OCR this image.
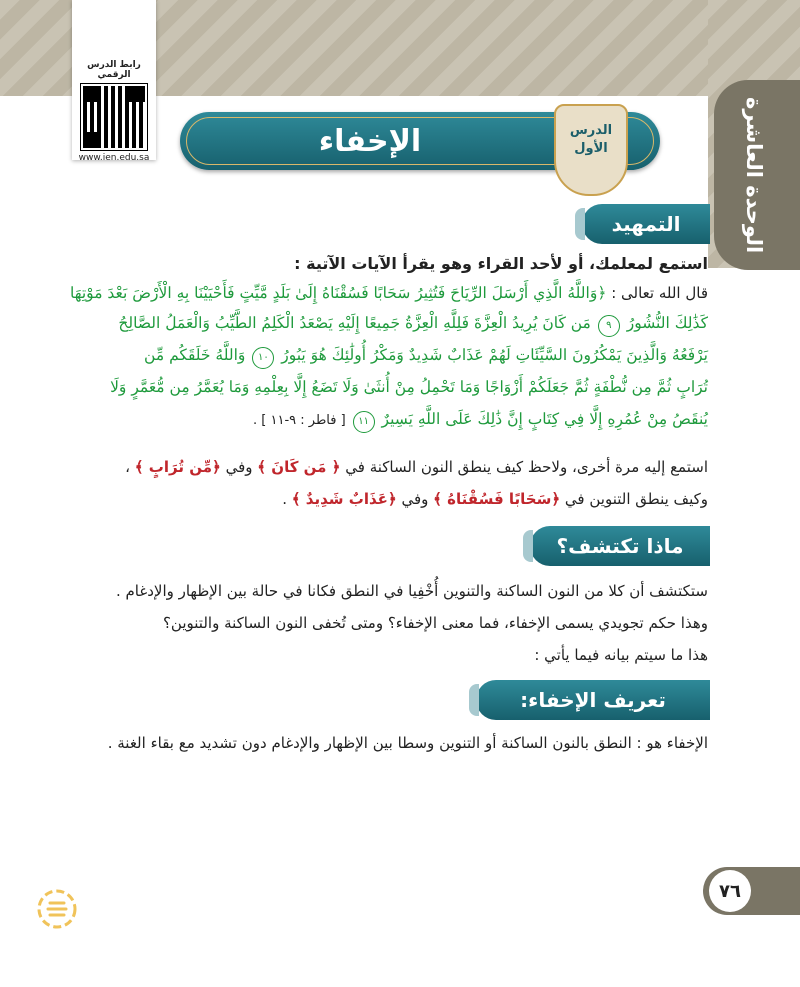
الوحدة العاشرة
رابط الدرس الرقمي
www.ien.edu.sa	الإخفاء	الدرس
الأول
التمهيد
استمع لمعلمك، أو لأحد القراء وهو يقرأ الآيات الآتية :
قال الله تعالى : ﴿وَاللَّهُ الَّذِي أَرْسَلَ الرِّيَاحَ فَتُثِيرُ سَحَابًا فَسُقْنَاهُ إِلَىٰ بَلَدٍ مَّيِّتٍ فَأَحْيَيْنَا بِهِ الْأَرْضَ بَعْدَ مَوْتِهَا
كَذَٰلِكَ النُّشُورُ ٩ مَن كَانَ يُرِيدُ الْعِزَّةَ فَلِلَّهِ الْعِزَّةُ جَمِيعًا إِلَيْهِ يَصْعَدُ الْكَلِمُ الطَّيِّبُ وَالْعَمَلُ الصَّالِحُ
يَرْفَعُهُ وَالَّذِينَ يَمْكُرُونَ السَّيِّئَاتِ لَهُمْ عَذَابٌ شَدِيدٌ وَمَكْرُ أُولَٰئِكَ هُوَ يَبُورُ ١٠ وَاللَّهُ خَلَقَكُم مِّن
تُرَابٍ ثُمَّ مِن نُّطْفَةٍ ثُمَّ جَعَلَكُمْ أَزْوَاجًا وَمَا تَحْمِلُ مِنْ أُنثَىٰ وَلَا تَضَعُ إِلَّا بِعِلْمِهِ وَمَا يُعَمَّرُ مِن مُّعَمَّرٍ وَلَا
يُنقَصُ مِنْ عُمُرِهِ إِلَّا فِي كِتَابٍ إِنَّ ذَٰلِكَ عَلَى اللَّهِ يَسِيرٌ ١١ [ فاطر : ٩-١١ ] .
استمع إليه مرة أخرى، ولاحظ كيف ينطق النون الساكنة في ﴿ مَن كَانَ ﴾ وفي ﴿مِّن تُرَابٍ ﴾ ،
وكيف ينطق التنوين في ﴿سَحَابًا فَسُقْنَاهُ ﴾ وفي ﴿عَذَابٌ شَدِيدٌ ﴾ .
ماذا تكتشف؟
ستكتشف أن كلا من النون الساكنة والتنوين أُخْفِيا في النطق فكانا في حالة بين الإظهار والإدغام .
وهذا حكم تجويدي يسمى الإخفاء، فما معنى الإخفاء؟ ومتى تُخفى النون الساكنة والتنوين؟
هذا ما سيتم بيانه فيما يأتي :
تعريف الإخفاء:
الإخفاء هو : النطق بالنون الساكنة أو التنوين وسطا بين الإظهار والإدغام دون تشديد مع بقاء الغنة .
٧٦
